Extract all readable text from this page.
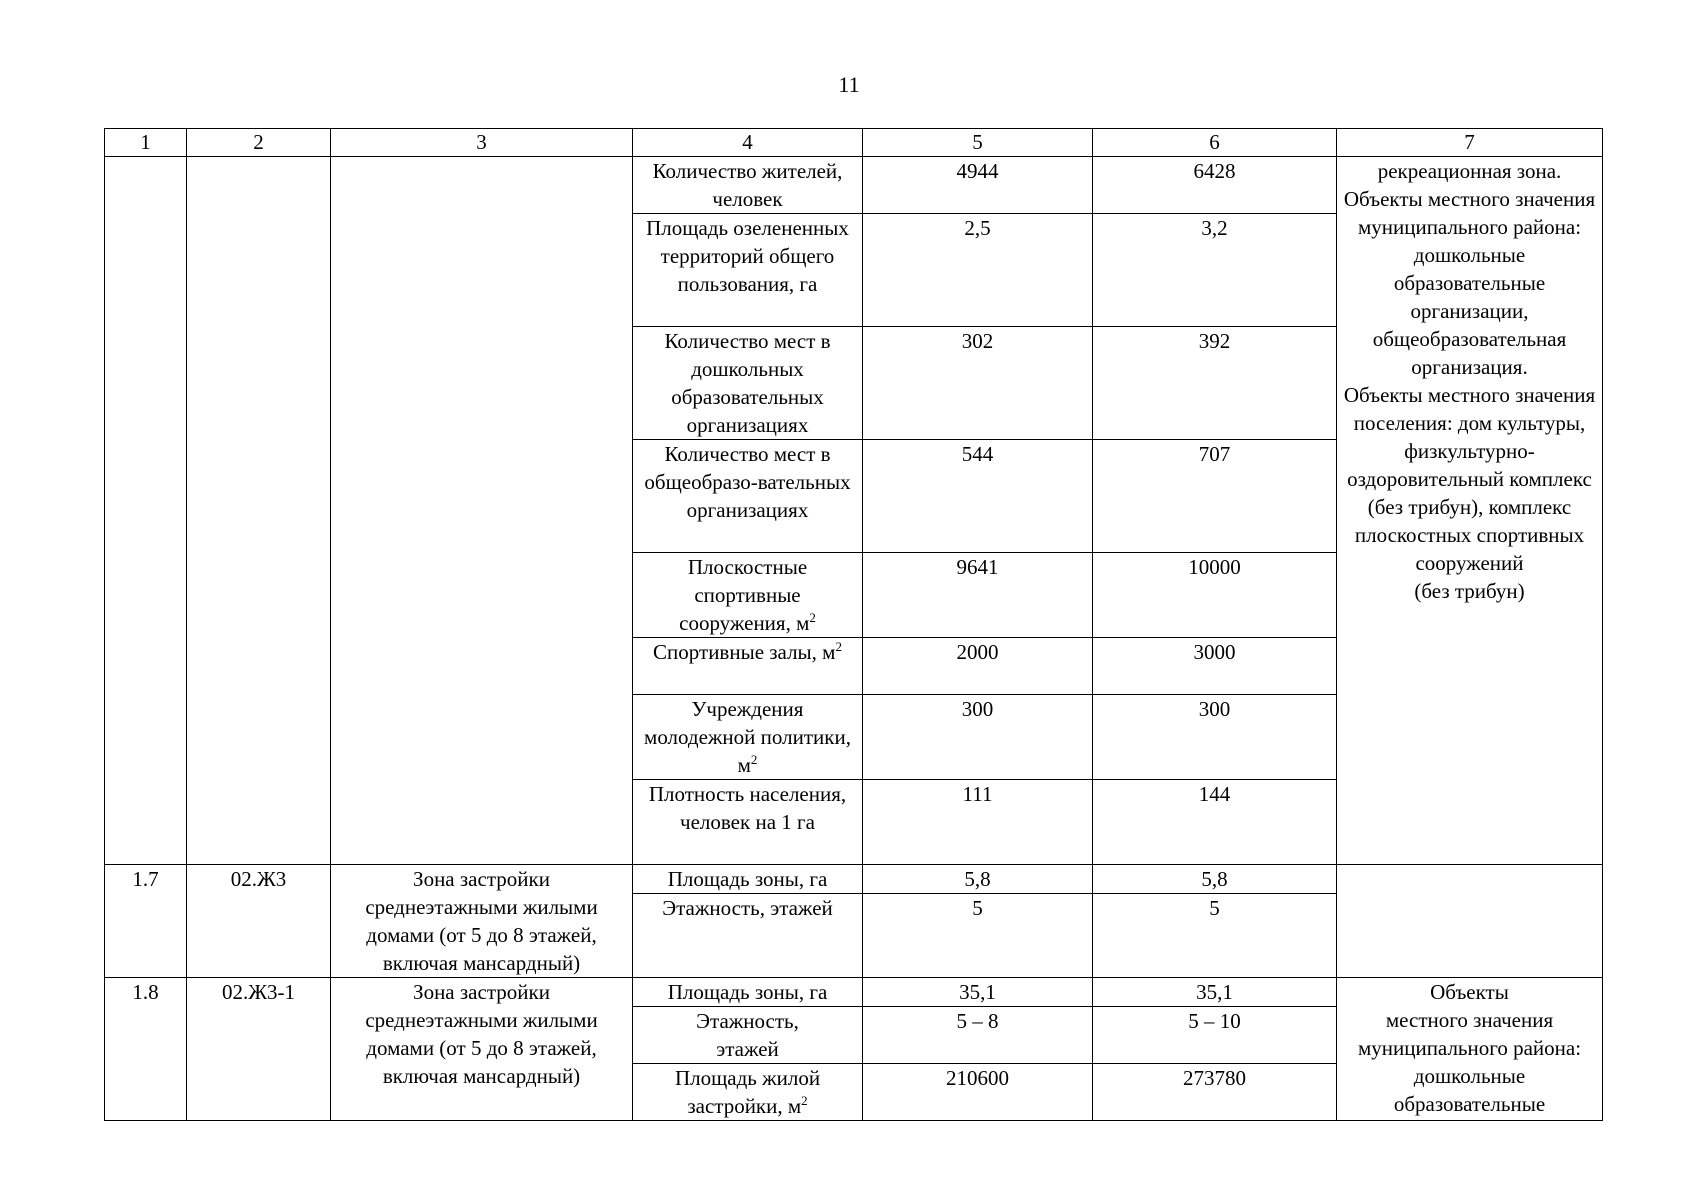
11
1	2	3	4	5	6	7
			Количество жителей, человек	4944	6428	рекреационная зона.
Объекты местного значения муниципального района: дошкольные образовательные организации, общеобразовательная организация.
Объекты местного значения поселения: дом культуры, физкультурно-оздоровительный комплекс (без трибун), комплекс плоскостных спортивных сооружений
(без трибун)
			Площадь озелененных территорий общего пользования, га	2,5	3,2	
			Количество мест в дошкольных образовательных организациях	302	392	
			Количество мест в общеобразо-вательных организациях	544	707	
			Плоскостные спортивные сооружения, $м^2$	9641	10000	
			Спортивные залы, $м^2$	2000	3000	
			Учреждения молодежной политики, $м^2$	300	300	
			Плотность населения, человек на 1 га	111	144	
1.7	02.Ж3	Зона застройки среднеэтажными жилыми домами (от 5 до 8 этажей, включая мансардный)	Площадь зоны, га	5,8	5,8	
			Этажность, этажей	5	5	
1.8	02.Ж3-1	Зона застройки среднеэтажными жилыми домами (от 5 до 8 этажей, включая мансардный)	Площадь зоны, га	35,1	35,1	Объекты
местного значения муниципального района: дошкольные образовательные
			Этажность,
этажей	5 – 8	5 – 10	
			Площадь жилой застройки, $м^2$	210600	273780	
